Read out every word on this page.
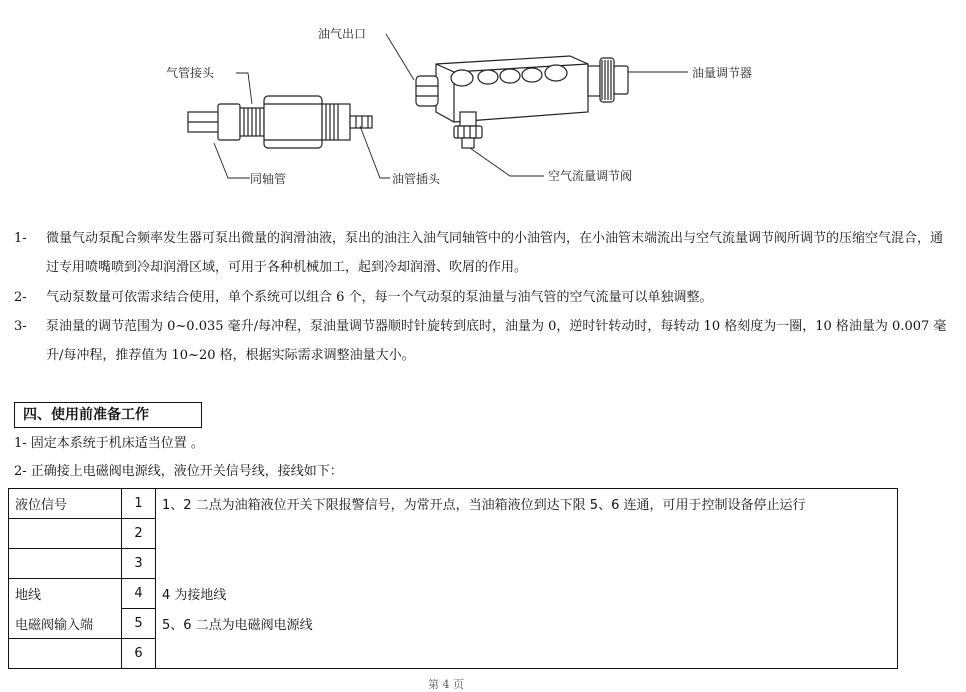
油气出口
气管接头	油量调节器
同轴管	油管插头	空气流量调节阀
1-	微量气动泵配合频率发生器可泵出微量的润滑油液，泵出的油注入油气同轴管中的小油管内，在小油管末端流出与空气流量调节阀所调节的压缩空气混合，通过专用喷嘴喷到冷却润滑区域，可用于各种机械加工，起到冷却润滑、吹屑的作用。
2-	气动泵数量可依需求结合使用，单个系统可以组合 6 个，每一个气动泵的泵油量与油气管的空气流量可以单独调整。
3-	泵油量的调节范围为 0~0.035 毫升/每冲程，泵油量调节器顺时针旋转到底时，油量为 0，逆时针转动时，每转动 10 格刻度为一圈，10 格油量为 0.007 毫升/每冲程，推荐值为 10~20 格，根据实际需求调整油量大小。
四、使用前准备工作
1- 固定本系统于机床适当位置 。
2- 正确接上电磁阀电源线，液位开关信号线，接线如下：
液位信号	1	1、2 二点为油箱液位开关下限报警信号，为常开点，当油箱液位到达下限 5、6 连通，可用于控制设备停止运行
	2	
	3	
地线	4	4 为接地线
电磁阀输入端	5	5、6 二点为电磁阀电源线
	6	
第 4 页
